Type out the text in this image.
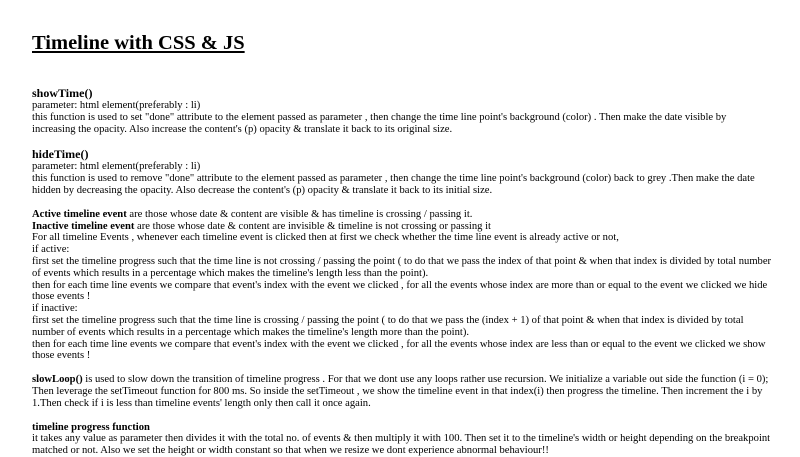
Timeline with CSS & JS
showTime()

parameter: html element(preferably : li)

this function is used to set "done" attribute to the element passed as parameter , then change the time line point's background (color) . Then make the date visible by increasing the opacity. Also increase the content's (p) opacity & translate it back to its original size.

hideTime()

parameter: html element(preferably : li)

this function is used to remove "done" attribute to the element passed as parameter , then change the time line point's background (color) back to grey .Then make the date hidden by decreasing the opacity. Also decrease the content's (p) opacity & translate it back to its initial size.

Active timeline event are those whose date & content are visible & has timeline is crossing / passing it.

Inactive timeline event are those whose date & content are invisible & timeline is not crossing or passing it

For all timeline Events , whenever each timeline event is clicked then at first we check whether the time line event is already active or not,

if active:

first set the timeline progress such that the time line is not crossing / passing the point ( to do that we pass the index of that point & when that index is divided by total number of events which results in a percentage which makes the timeline's length less than the point).

then for each time line events we compare that event's index with the event we clicked , for all the events whose index are more than or equal to the event we clicked we hide those events !

if inactive:

first set the timeline progress such that the time line is crossing / passing the point ( to do that we pass the (index + 1) of that point & when that index is divided by total number of events which results in a percentage which makes the timeline's length more than the point).

then for each time line events we compare that event's index with the event we clicked , for all the events whose index are less than or equal to the event we clicked we show those events !

slowLoop() is used to slow down the transition of timeline progress . For that we dont use any loops rather use recursion. We initialize a variable out side the function (i = 0); Then leverage the setTimeout function for 800 ms. So inside the setTimeout , we show the timeline event in that index(i) then progress the timeline. Then increment the i by 1.Then check if i is less than timeline events' length only then call it once again.

timeline progress function

it takes any value as parameter then divides it with the total no. of events & then multiply it with 100. Then set it to the timeline's width or height depending on the breakpoint matched or not. Also we set the height or width constant so that when we resize we dont experience abnormal behaviour!!
